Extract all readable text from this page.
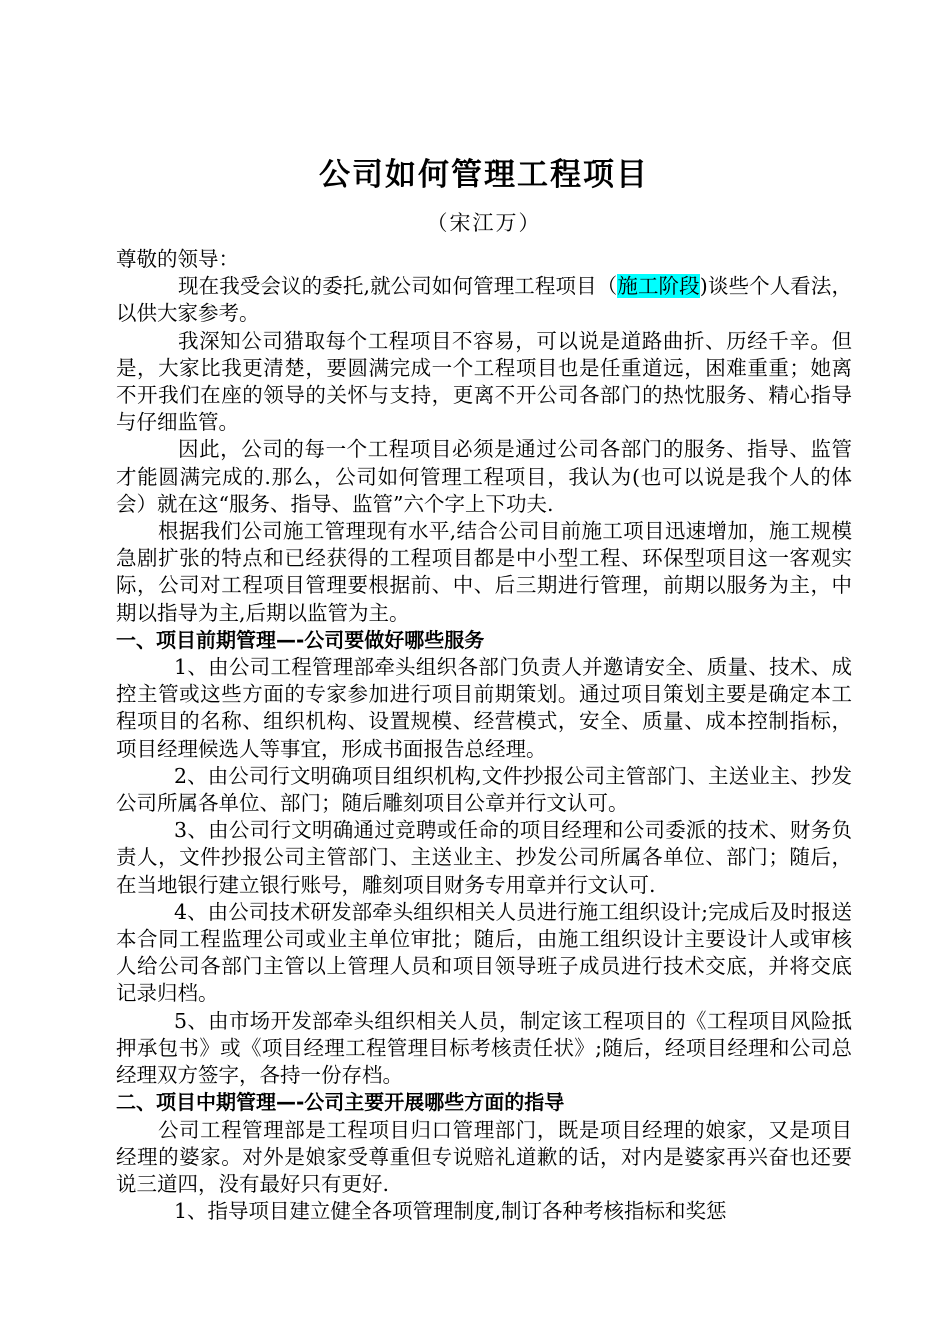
公司如何管理工程项目
（宋江万）

尊敬的领导：

现在我受会议的委托,就公司如何管理工程项目（施工阶段)谈些个人看法，以供大家参考。

我深知公司猎取每个工程项目不容易，可以说是道路曲折、历经千辛。但是，大家比我更清楚，要圆满完成一个工程项目也是任重道远，困难重重；她离不开我们在座的领导的关怀与支持，更离不开公司各部门的热忱服务、精心指导与仔细监管。

因此，公司的每一个工程项目必须是通过公司各部门的服务、指导、监管才能圆满完成的.那么，公司如何管理工程项目，我认为(也可以说是我个人的体会）就在这“服务、指导、监管”六个字上下功夫.

根据我们公司施工管理现有水平,结合公司目前施工项目迅速增加，施工规模急剧扩张的特点和已经获得的工程项目都是中小型工程、环保型项目这一客观实际，公司对工程项目管理要根据前、中、后三期进行管理，前期以服务为主，中期以指导为主,后期以监管为主。

一、项目前期管理—-公司要做好哪些服务

1、由公司工程管理部牵头组织各部门负责人并邀请安全、质量、技术、成控主管或这些方面的专家参加进行项目前期策划。通过项目策划主要是确定本工程项目的名称、组织机构、设置规模、经营模式，安全、质量、成本控制指标，项目经理候选人等事宜，形成书面报告总经理。

2、由公司行文明确项目组织机构,文件抄报公司主管部门、主送业主、抄发公司所属各单位、部门；随后雕刻项目公章并行文认可。

3、由公司行文明确通过竞聘或任命的项目经理和公司委派的技术、财务负责人，文件抄报公司主管部门、主送业主、抄发公司所属各单位、部门；随后，在当地银行建立银行账号，雕刻项目财务专用章并行文认可.

4、由公司技术研发部牵头组织相关人员进行施工组织设计;完成后及时报送本合同工程监理公司或业主单位审批；随后，由施工组织设计主要设计人或审核人给公司各部门主管以上管理人员和项目领导班子成员进行技术交底，并将交底记录归档。

5、由市场开发部牵头组织相关人员，制定该工程项目的《工程项目风险抵押承包书》或《项目经理工程管理目标考核责任状》;随后，经项目经理和公司总经理双方签字，各持一份存档。

二、项目中期管理—-公司主要开展哪些方面的指导

公司工程管理部是工程项目归口管理部门，既是项目经理的娘家，又是项目经理的婆家。对外是娘家受尊重但专说赔礼道歉的话，对内是婆家再兴奋也还要说三道四，没有最好只有更好.

1、指导项目建立健全各项管理制度,制订各种考核指标和奖惩
